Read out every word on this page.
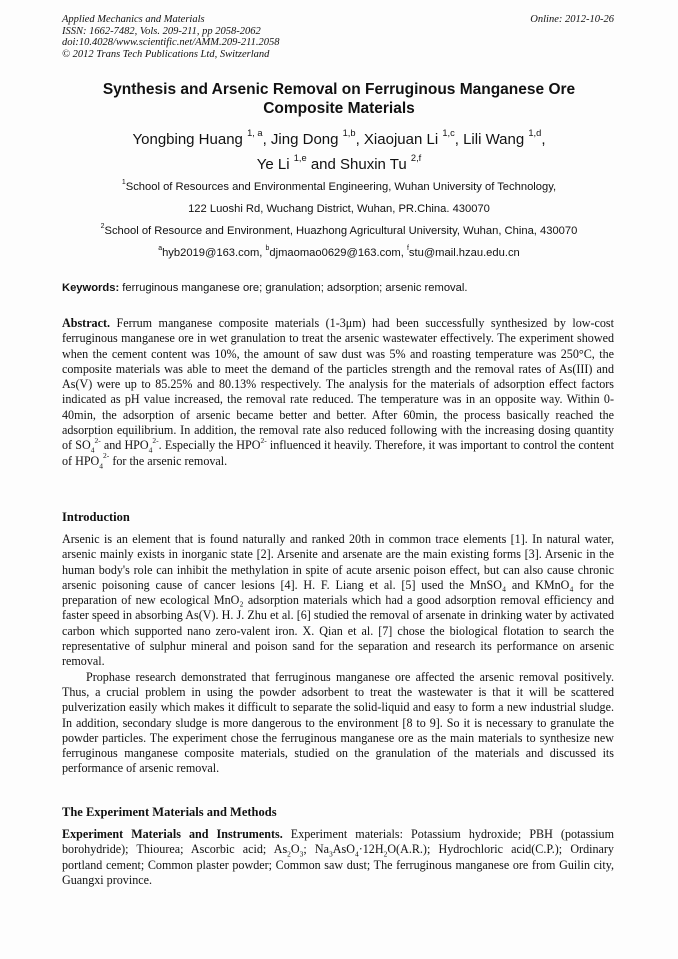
Applied Mechanics and Materials
ISSN: 1662-7482, Vols. 209-211, pp 2058-2062
doi:10.4028/www.scientific.net/AMM.209-211.2058
© 2012 Trans Tech Publications Ltd, Switzerland
Online: 2012-10-26
Synthesis and Arsenic Removal on Ferruginous Manganese Ore
Composite Materials
Yongbing Huang $^{1, a}$, Jing Dong $^{1,b}$, Xiaojuan Li $^{1,c}$, Lili Wang $^{1,d}$,
Ye Li $^{1,e}$ and Shuxin Tu $^{2,f}$
$^1$School of Resources and Environmental Engineering, Wuhan University of Technology,
122 Luoshi Rd, Wuchang District, Wuhan, PR.China. 430070
$^2$School of Resource and Environment, Huazhong Agricultural University, Wuhan, China, 430070
$^a$hyb2019@163.com, $^b$djmaomao0629@163.com, $^f$stu@mail.hzau.edu.cn
Keywords: ferruginous manganese ore; granulation; adsorption; arsenic removal.
Abstract. Ferrum manganese composite materials (1-3μm) had been successfully synthesized by low-cost ferruginous manganese ore in wet granulation to treat the arsenic wastewater effectively. The experiment showed when the cement content was 10%, the amount of saw dust was 5% and roasting temperature was 250°C, the composite materials was able to meet the demand of the particles strength and the removal rates of As(III) and As(V) were up to 85.25% and 80.13% respectively. The analysis for the materials of adsorption effect factors indicated as pH value increased, the removal rate reduced. The temperature was in an opposite way. Within 0-40min, the adsorption of arsenic became better and better. After 60min, the process basically reached the adsorption equilibrium. In addition, the removal rate also reduced following with the increasing dosing quantity of $SO_4^{2-}$ and $HPO_4^{2-}$. Especially the $HPO^{2-}$ influenced it heavily. Therefore, it was important to control the content of $HPO_4^{2-}$ for the arsenic removal.
Introduction
Arsenic is an element that is found naturally and ranked 20th in common trace elements [1]. In natural water, arsenic mainly exists in inorganic state [2]. Arsenite and arsenate are the main existing forms [3]. Arsenic in the human body's role can inhibit the methylation in spite of acute arsenic poison effect, but can also cause chronic arsenic poisoning cause of cancer lesions [4]. H. F. Liang et al. [5] used the MnSO₄ and KMnO₄ for the preparation of new ecological MnO₂ adsorption materials which had a good adsorption removal efficiency and faster speed in absorbing As(V). H. J. Zhu et al. [6] studied the removal of arsenate in drinking water by activated carbon which supported nano zero-valent iron. X. Qian et al. [7] chose the biological flotation to search the representative of sulphur mineral and poison sand for the separation and research its performance on arsenic removal.
Prophase research demonstrated that ferruginous manganese ore affected the arsenic removal positively. Thus, a crucial problem in using the powder adsorbent to treat the wastewater is that it will be scattered pulverization easily which makes it difficult to separate the solid-liquid and easy to form a new industrial sludge. In addition, secondary sludge is more dangerous to the environment [8 to 9]. So it is necessary to granulate the powder particles. The experiment chose the ferruginous manganese ore as the main materials to synthesize new ferruginous manganese composite materials, studied on the granulation of the materials and discussed its performance of arsenic removal.
The Experiment Materials and Methods
Experiment Materials and Instruments. Experiment materials: Potassium hydroxide; PBH (potassium borohydride); Thiourea; Ascorbic acid; $As_2O_3$; $Na_3AsO_4\cdot 12H_2O(A.R.)$; Hydrochloric acid(C.P.); Ordinary portland cement; Common plaster powder; Common saw dust; The ferruginous manganese ore from Guilin city, Guangxi province.
